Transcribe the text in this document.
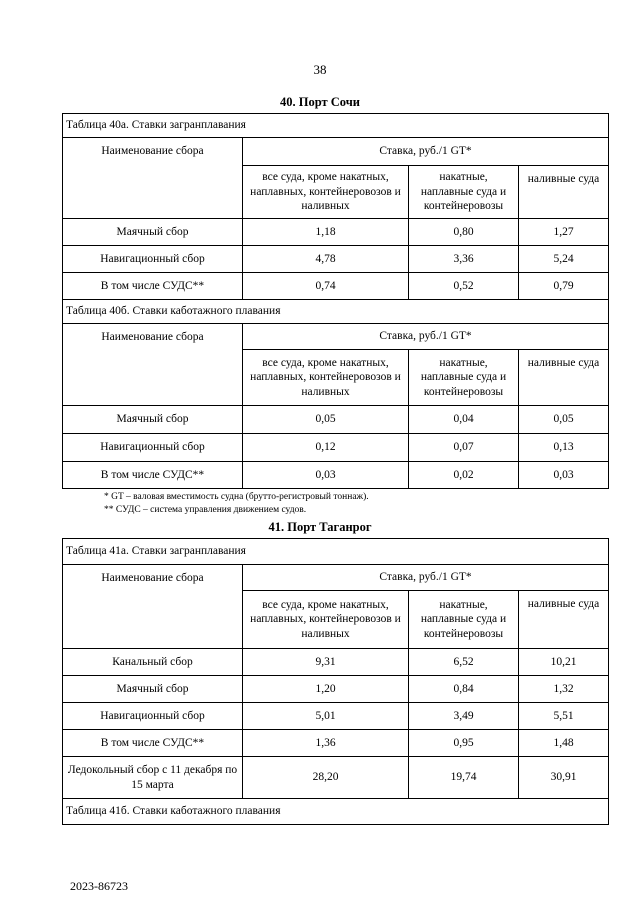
38
40. Порт Сочи
Таблица 40а. Ставки загранплавания			
Наименование сбора	Ставка, руб./1 GT*		
	все суда, кроме накатных, наплавных, контейнеровозов и наливных	накатные, наплавные суда и контейнеровозы	наливные суда
Маячный сбор	1,18	0,80	1,27
Навигационный сбор	4,78	3,36	5,24
В том числе СУДС**	0,74	0,52	0,79
Таблица 40б. Ставки каботажного плавания			
Наименование сбора	Ставка, руб./1 GT*		
	все суда, кроме накатных, наплавных, контейнеровозов и наливных	накатные, наплавные суда и контейнеровозы	наливные суда
Маячный сбор	0,05	0,04	0,05
Навигационный сбор	0,12	0,07	0,13
В том числе СУДС**	0,03	0,02	0,03
* GT – валовая вместимость судна (брутто-регистровый тоннаж).
** СУДС – система управления движением судов.
41. Порт Таганрог
Таблица 41а. Ставки загранплавания			
Наименование сбора	Ставка, руб./1 GT*		
	все суда, кроме накатных, наплавных, контейнеровозов и наливных	накатные, наплавные суда и контейнеровозы	наливные суда
Канальный сбор	9,31	6,52	10,21
Маячный сбор	1,20	0,84	1,32
Навигационный сбор	5,01	3,49	5,51
В том числе СУДС**	1,36	0,95	1,48
Ледокольный сбор с 11 декабря по 15 марта	28,20	19,74	30,91
Таблица 41б. Ставки каботажного плавания			
2023-86723
